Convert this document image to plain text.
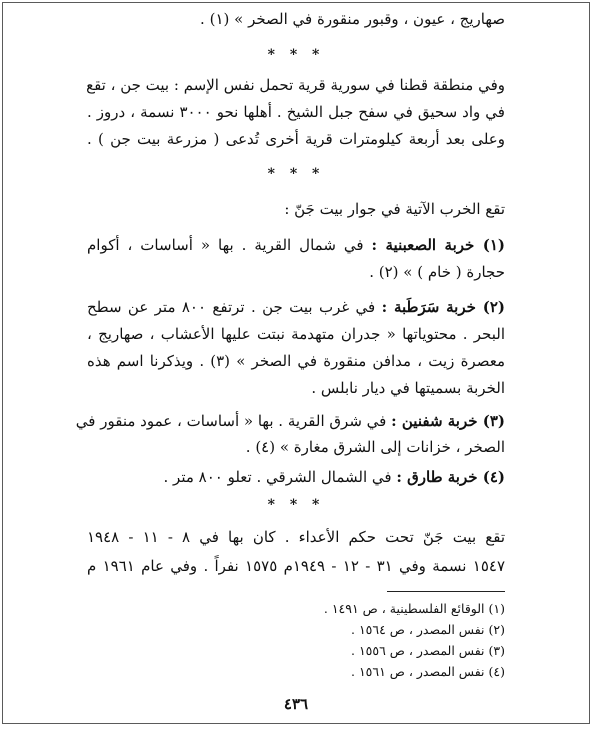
صهاريج ، عيون ، وقبور منقورة في الصخر » (١) .
* * *
وفي منطقة قطنا في سورية قرية تحمل نفس الإسم : بيت جن ، تقع
في واد سحيق في سفح جبل الشيخ . أهلها نحو ٣٠٠٠ نسمة ، دروز .
وعلى بعد أربعة كيلومترات قرية أخرى تُدعى ( مزرعة بيت جن ) .
* * *
تقع الخرب الآتية في جوار بيت جَنّ :
(١) خربة الصعبنية : في شمال القرية . بها « أساسات ، أكوام
حجارة ( خام ) » (٢) .
(٢) خربة سَرَطَبة : في غرب بيت جن . ترتفع ٨٠٠ متر عن سطح
البحر . محتوياتها « جدران متهدمة نبتت عليها الأعشاب ، صهاريج ،
معصرة زيت ، مدافن منقورة في الصخر » (٣) . ويذكرنا اسم هذه
الخربة بسميتها في ديار نابلس .
(٣) خربة شفنين : في شرق القرية . بها « أساسات ، عمود منقور في
الصخر ، خزانات إلى الشرق مغارة » (٤) .
(٤) خربة طارق : في الشمال الشرقي . تعلو ٨٠٠ متر .
* * *
تقع بيت جَنّ تحت حكم الأعداء . كان بها في ٨ - ١١ - ١٩٤٨
١٥٤٧ نسمة وفي ٣١ - ١٢ - ١٩٤٩م ١٥٧٥ نفراً . وفي عام ١٩٦١ م
(١) الوقائع الفلسطينية ، ص ١٤٩١ .
(٢) نفس المصدر ، ص ١٥٦٤ .
(٣) نفس المصدر ، ص ١٥٥٦ .
(٤) نفس المصدر ، ص ١٥٦١ .
٤٣٦
